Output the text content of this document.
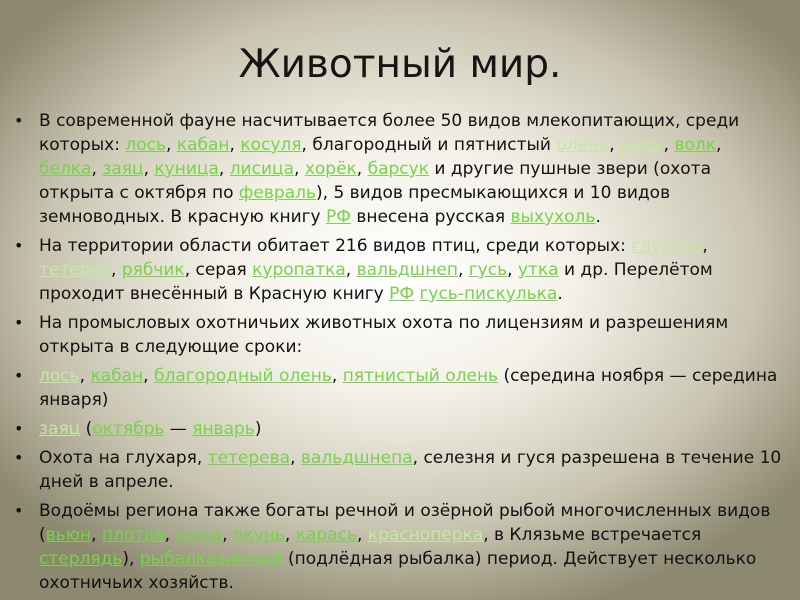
Животный мир.
• В современной фауне насчитывается более 50 видов млекопитающих, среди которых: лось, кабан, косуля, благородный и пятнистый олень, рысь, волк, белка, заяц, куница, лисица, хорёк, барсук и другие пушные звери (охота открыта с октября по февраль), 5 видов пресмыкающихся и 10 видов земноводных. В красную книгу РФ внесена русская выхухоль.
• На территории области обитает 216 видов птиц, среди которых: глухарь, тетерев, рябчик, серая куропатка, вальдшнеп, гусь, утка и др. Перелётом проходит внесённый в Красную книгу РФ гусь-пискулька.
• На промысловых охотничьих животных охота по лицензиям и разрешениям открыта в следующие сроки:
• лось, кабан, благородный олень, пятнистый олень (середина ноября — середина января)
• заяц (октябрь — январь)
• Охота на глухаря, тетерева, вальдшнепа, селезня и гуся разрешена в течение 10 дней в апреле.
• Водоёмы региона также богаты речной и озёрной рыбой многочисленных видов (вьюн, плотва, щука, окунь, карась, красноперка, в Клязьме встречается стерлядь), рыбалказимний (подлёдная рыбалка) период. Действует несколько охотничьих хозяйств.
